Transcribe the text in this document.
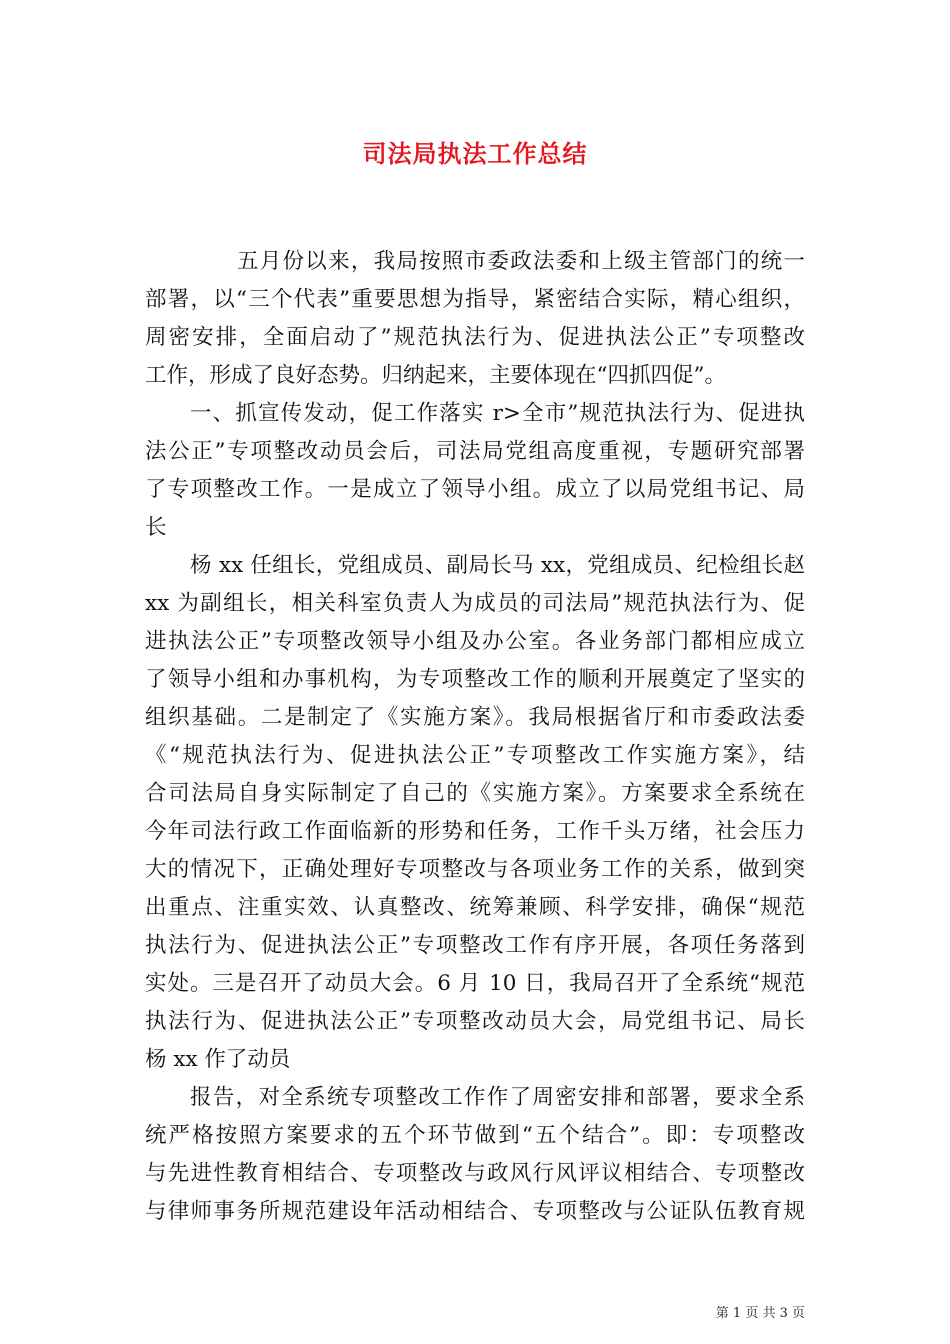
司法局执法工作总结
五月份以来，我局按照市委政法委和上级主管部门的统一
部署，以“三个代表”重要思想为指导，紧密结合实际，精心组织，
周密安排，全面启动了”规范执法行为、促进执法公正”专项整改
工作，形成了良好态势。归纳起来，主要体现在“四抓四促”。
一、抓宣传发动，促工作落实 r>全市”规范执法行为、促进执
法公正”专项整改动员会后，司法局党组高度重视，专题研究部署
了专项整改工作。一是成立了领导小组。成立了以局党组书记、局
长
杨 xx 任组长，党组成员、副局长马 xx，党组成员、纪检组长赵
xx 为副组长，相关科室负责人为成员的司法局”规范执法行为、促
进执法公正”专项整改领导小组及办公室。各业务部门都相应成立
了领导小组和办事机构，为专项整改工作的顺利开展奠定了坚实的
组织基础。二是制定了《实施方案》。我局根据省厅和市委政法委
《“规范执法行为、促进执法公正”专项整改工作实施方案》，结
合司法局自身实际制定了自己的《实施方案》。方案要求全系统在
今年司法行政工作面临新的形势和任务，工作千头万绪，社会压力
大的情况下，正确处理好专项整改与各项业务工作的关系，做到突
出重点、注重实效、认真整改、统筹兼顾、科学安排，确保“规范
执法行为、促进执法公正”专项整改工作有序开展，各项任务落到
实处。三是召开了动员大会。6 月 10 日，我局召开了全系统“规范
执法行为、促进执法公正”专项整改动员大会，局党组书记、局长
杨 xx 作了动员
报告，对全系统专项整改工作作了周密安排和部署，要求全系
统严格按照方案要求的五个环节做到“五个结合”。即：专项整改
与先进性教育相结合、专项整改与政风行风评议相结合、专项整改
与律师事务所规范建设年活动相结合、专项整改与公证队伍教育规
第 1 页 共 3 页
